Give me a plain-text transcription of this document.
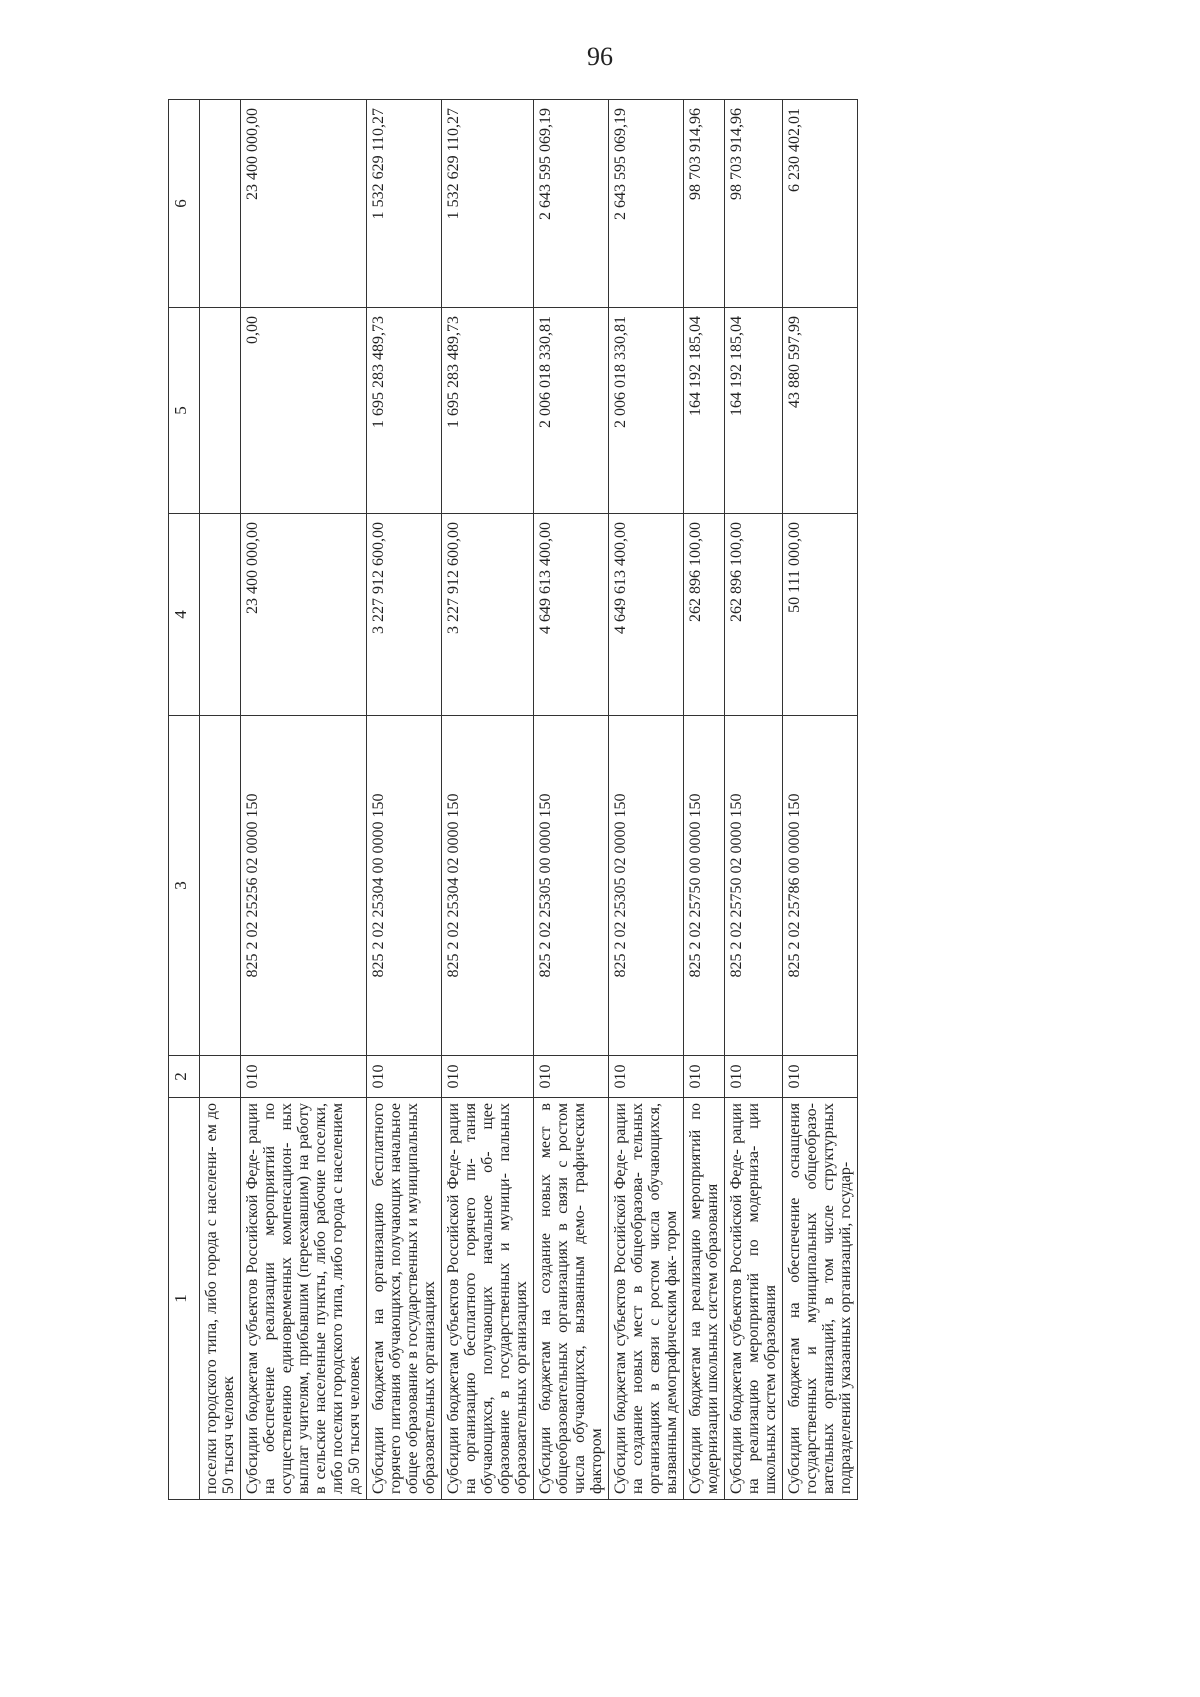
96
1	2	3	4	5	6
поселки городского типа, либо города с населени- ем до 50 тысяч человек					
Субсидии бюджетам субъектов Российской Феде- рации на обеспечение реализации мероприятий по осуществлению единовременных компенсацион- ных выплат учителям, прибывшим (переехавшим) на работу в сельские населенные пункты, либо рабочие поселки, либо поселки городского типа, либо города с населением до 50 тысяч человек	010	825 2 02 25256 02 0000 150	23 400 000,00	0,00	23 400 000,00
Субсидии бюджетам на организацию бесплатного горячего питания обучающихся, получающих начальное общее образование в государственных и муниципальных образовательных организациях	010	825 2 02 25304 00 0000 150	3 227 912 600,00	1 695 283 489,73	1 532 629 110,27
Субсидии бюджетам субъектов Российской Феде- рации на организацию бесплатного горячего пи- тания обучающихся, получающих начальное об- щее образование в государственных и муници- пальных образовательных организациях	010	825 2 02 25304 02 0000 150	3 227 912 600,00	1 695 283 489,73	1 532 629 110,27
Субсидии бюджетам на создание новых мест в общеобразовательных организациях в связи с ростом числа обучающихся, вызванным демо- графическим фактором	010	825 2 02 25305 00 0000 150	4 649 613 400,00	2 006 018 330,81	2 643 595 069,19
Субсидии бюджетам субъектов Российской Феде- рации на создание новых мест в общеобразова- тельных организациях в связи с ростом числа обучающихся, вызванным демографическим фак- тором	010	825 2 02 25305 02 0000 150	4 649 613 400,00	2 006 018 330,81	2 643 595 069,19
Субсидии бюджетам на реализацию мероприятий по модернизации школьных систем образования	010	825 2 02 25750 00 0000 150	262 896 100,00	164 192 185,04	98 703 914,96
Субсидии бюджетам субъектов Российской Феде- рации на реализацию мероприятий по модерниза- ции школьных систем образования	010	825 2 02 25750 02 0000 150	262 896 100,00	164 192 185,04	98 703 914,96
Субсидии бюджетам на обеспечение оснащения государственных и муниципальных общеобразо- вательных организаций, в том числе структурных подразделений указанных организаций, государ-	010	825 2 02 25786 00 0000 150	50 111 000,00	43 880 597,99	6 230 402,01
